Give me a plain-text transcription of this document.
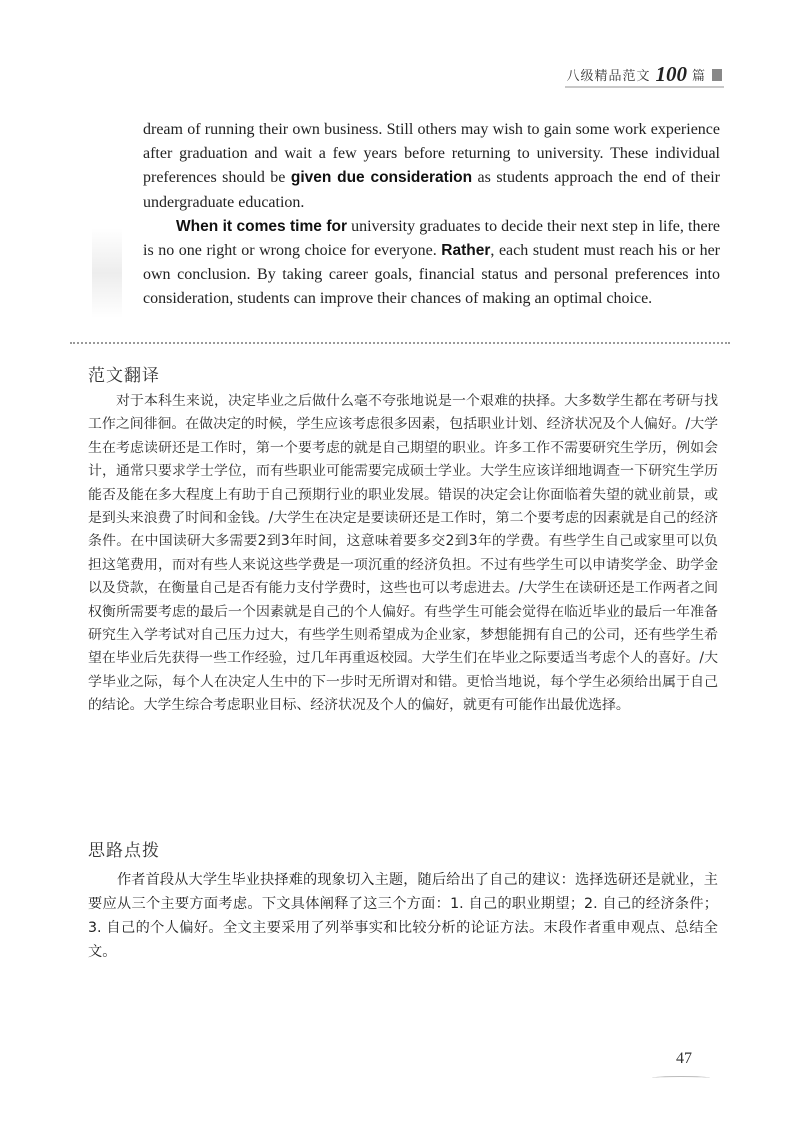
八级精品范文 100 篇

dream of running their own business. Still others may wish to gain some work experience after graduation and wait a few years before returning to university. These individual preferences should be given due consideration as students approach the end of their undergraduate education.

When it comes time for university graduates to decide their next step in life, there is no one right or wrong choice for everyone. Rather, each student must reach his or her own conclusion. By taking career goals, financial status and personal preferences into consideration, students can improve their chances of making an optimal choice.

范文翻译

对于本科生来说，决定毕业之后做什么毫不夸张地说是一个艰难的抉择。大多数学生都在考研与找工作之间徘徊。在做决定的时候，学生应该考虑很多因素，包括职业计划、经济状况及个人偏好。/大学生在考虑读研还是工作时，第一个要考虑的就是自己期望的职业。许多工作不需要研究生学历，例如会计，通常只要求学士学位，而有些职业可能需要完成硕士学业。大学生应该详细地调查一下研究生学历能否及能在多大程度上有助于自己预期行业的职业发展。错误的决定会让你面临着失望的就业前景，或是到头来浪费了时间和金钱。/大学生在决定是要读研还是工作时，第二个要考虑的因素就是自己的经济条件。在中国读研大多需要2到3年时间，这意味着要多交2到3年的学费。有些学生自己或家里可以负担这笔费用，而对有些人来说这些学费是一项沉重的经济负担。不过有些学生可以申请奖学金、助学金以及贷款，在衡量自己是否有能力支付学费时，这些也可以考虑进去。/大学生在读研还是工作两者之间权衡所需要考虑的最后一个因素就是自己的个人偏好。有些学生可能会觉得在临近毕业的最后一年准备研究生入学考试对自己压力过大，有些学生则希望成为企业家，梦想能拥有自己的公司，还有些学生希望在毕业后先获得一些工作经验，过几年再重返校园。大学生们在毕业之际要适当考虑个人的喜好。/大学毕业之际，每个人在决定人生中的下一步时无所谓对和错。更恰当地说，每个学生必须给出属于自己的结论。大学生综合考虑职业目标、经济状况及个人的偏好，就更有可能作出最优选择。

思路点拨

作者首段从大学生毕业抉择难的现象切入主题，随后给出了自己的建议：选择选研还是就业，主要应从三个主要方面考虑。下文具体阐释了这三个方面：1. 自己的职业期望；2. 自己的经济条件；3. 自己的个人偏好。全文主要采用了列举事实和比较分析的论证方法。末段作者重申观点、总结全文。

47
